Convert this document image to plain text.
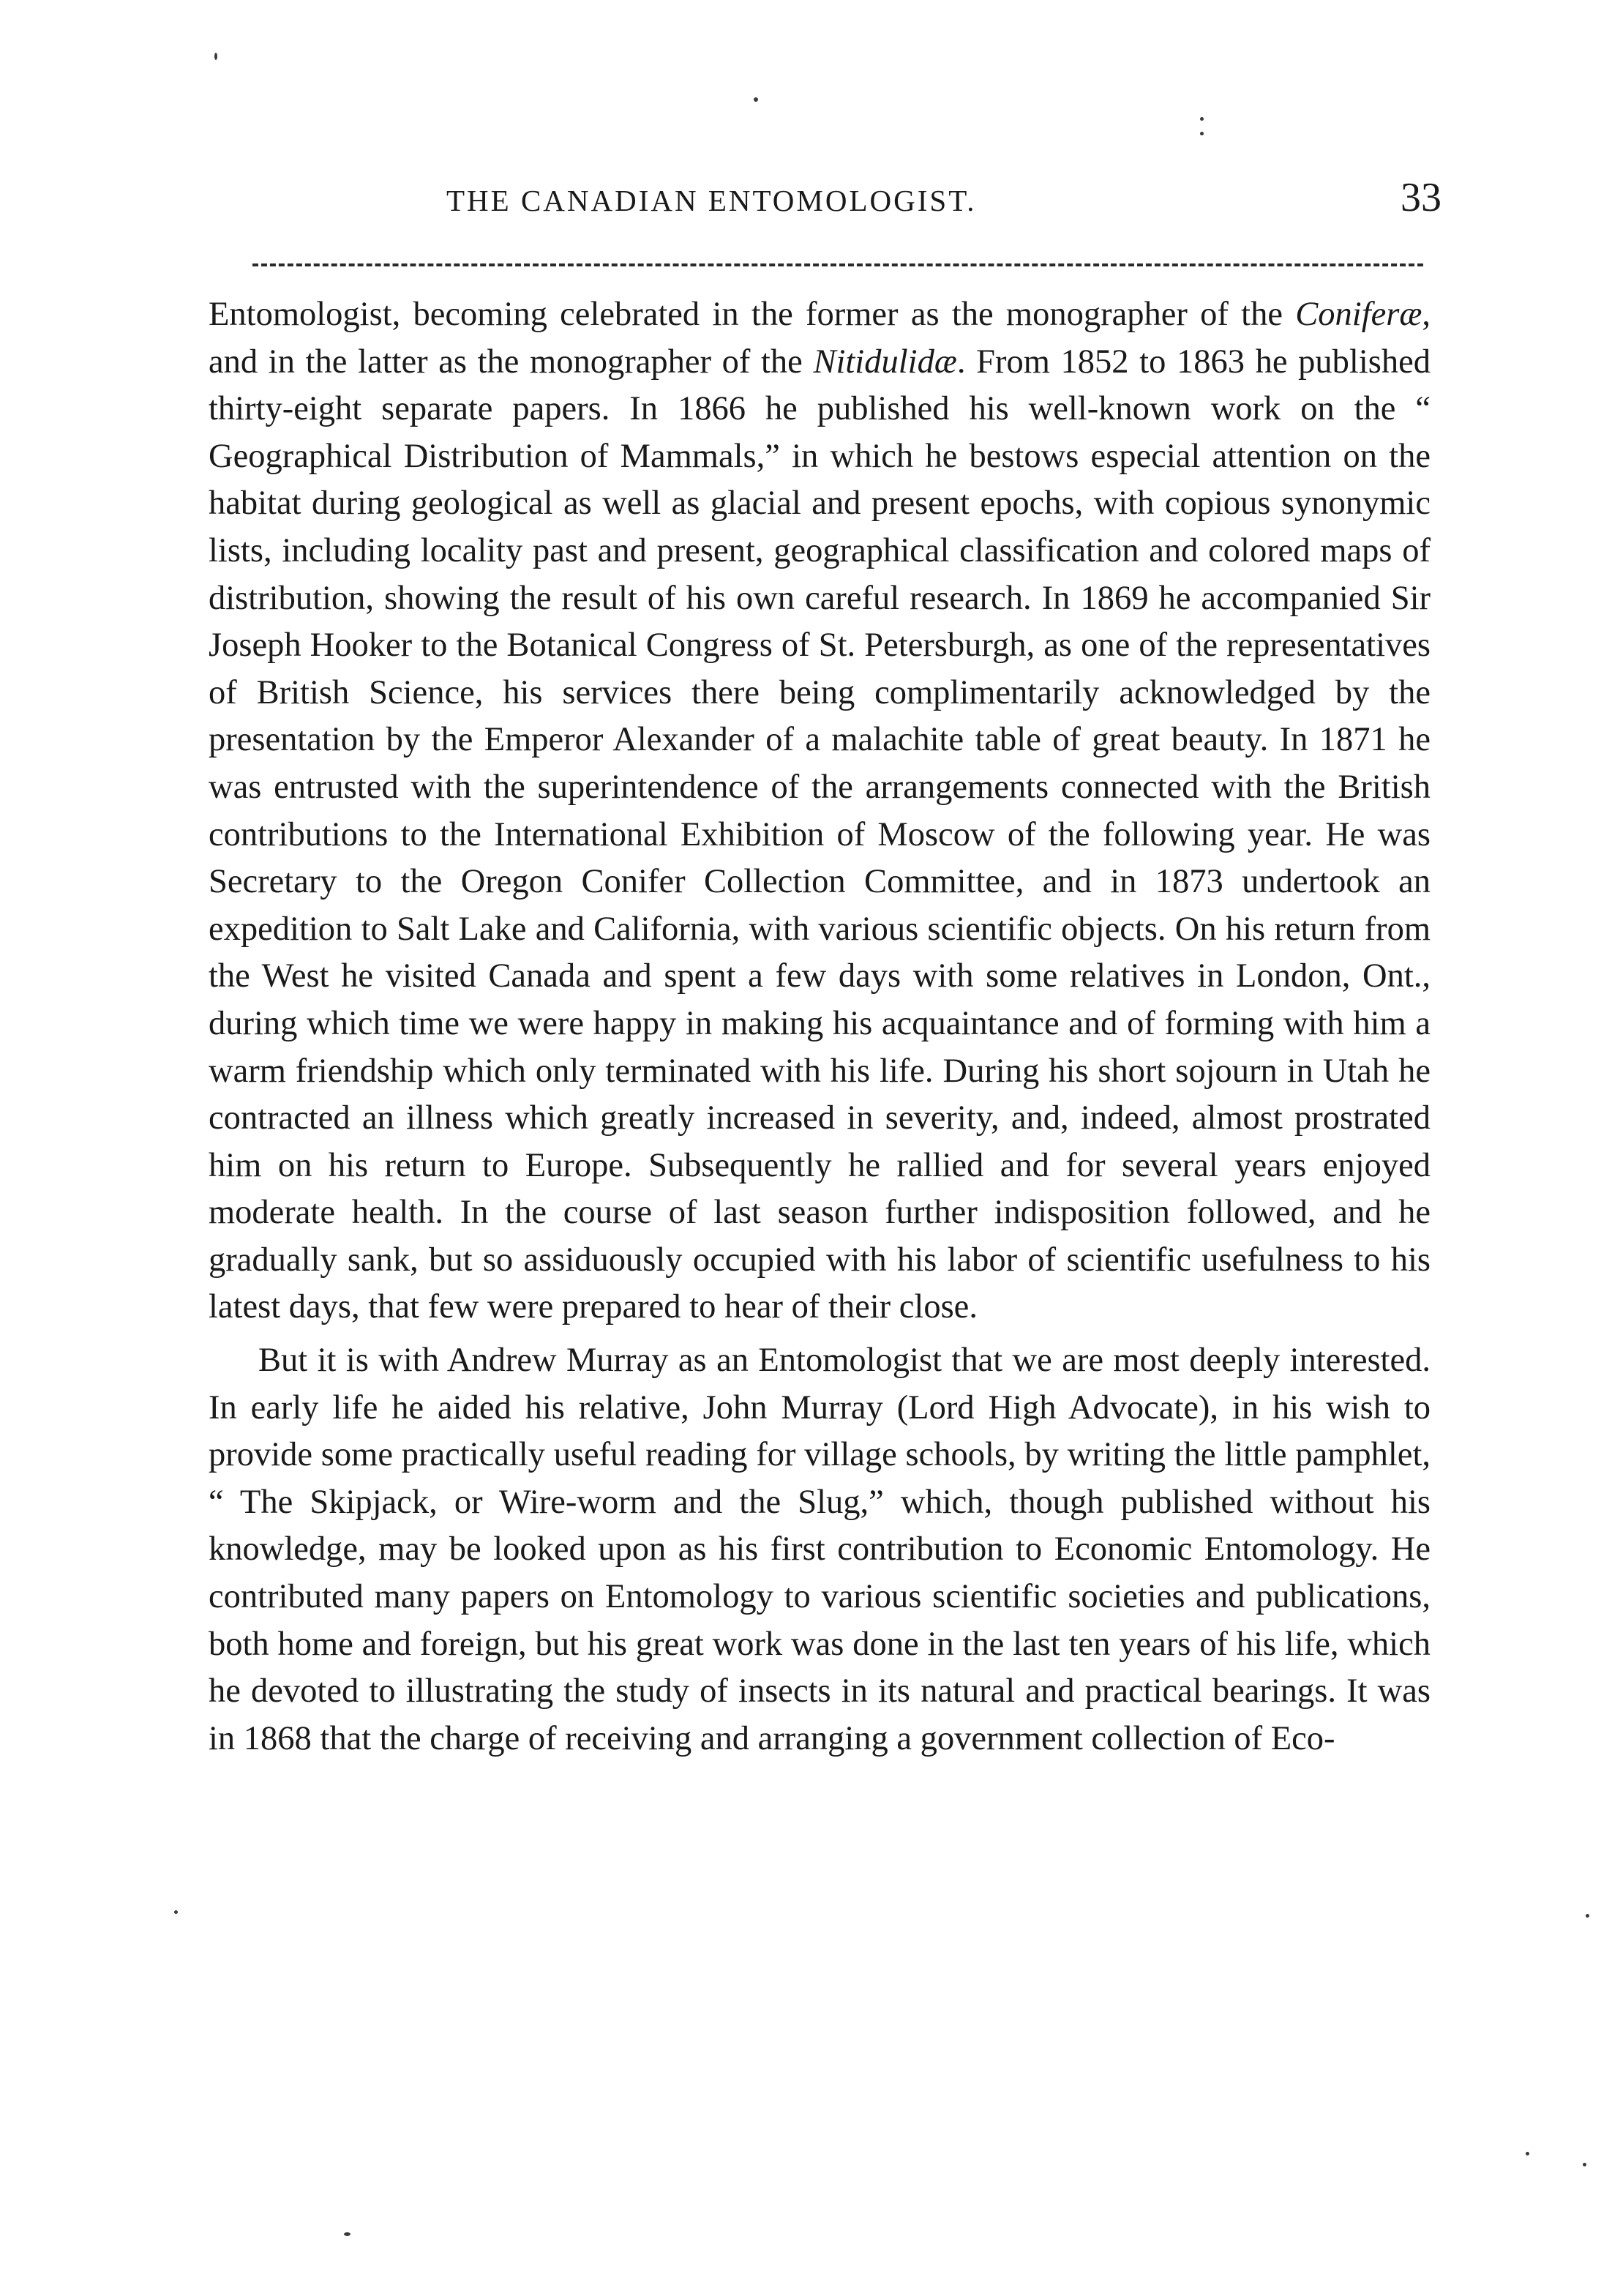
THE CANADIAN ENTOMOLOGIST.	33

Entomologist, becoming celebrated in the former as the monographer of the Coniferæ, and in the latter as the monographer of the Nitidulidæ. From 1852 to 1863 he published thirty-eight separate papers. In 1866 he published his well-known work on the “ Geographical Distribution of Mammals,” in which he bestows especial attention on the habitat during geological as well as glacial and present epochs, with copious synonymic lists, including locality past and present, geographical classification and colored maps of distribution, showing the result of his own careful research. In 1869 he accompanied Sir Joseph Hooker to the Botanical Congress of St. Petersburgh, as one of the representatives of British Science, his services there being complimentarily acknowledged by the presentation by the Emperor Alexander of a malachite table of great beauty. In 1871 he was entrusted with the superintendence of the arrangements connected with the British contributions to the International Exhibition of Moscow of the following year. He was Secretary to the Oregon Conifer Collection Committee, and in 1873 undertook an expedition to Salt Lake and California, with various scientific objects. On his return from the West he visited Canada and spent a few days with some relatives in London, Ont., during which time we were happy in making his acquaintance and of forming with him a warm friendship which only terminated with his life. During his short sojourn in Utah he contracted an illness which greatly increased in severity, and, indeed, almost prostrated him on his return to Europe. Subsequently he rallied and for several years enjoyed moderate health. In the course of last season further indisposition followed, and he gradually sank, but so assiduously occupied with his labor of scientific usefulness to his latest days, that few were prepared to hear of their close.

But it is with Andrew Murray as an Entomologist that we are most deeply interested. In early life he aided his relative, John Murray (Lord High Advocate), in his wish to provide some practically useful reading for village schools, by writing the little pamphlet, “ The Skipjack, or Wire-worm and the Slug,” which, though published without his knowledge, may be looked upon as his first contribution to Economic Entomology. He contributed many papers on Entomology to various scientific societies and publications, both home and foreign, but his great work was done in the last ten years of his life, which he devoted to illustrating the study of insects in its natural and practical bearings. It was in 1868 that the charge of receiving and arranging a government collection of Eco-
